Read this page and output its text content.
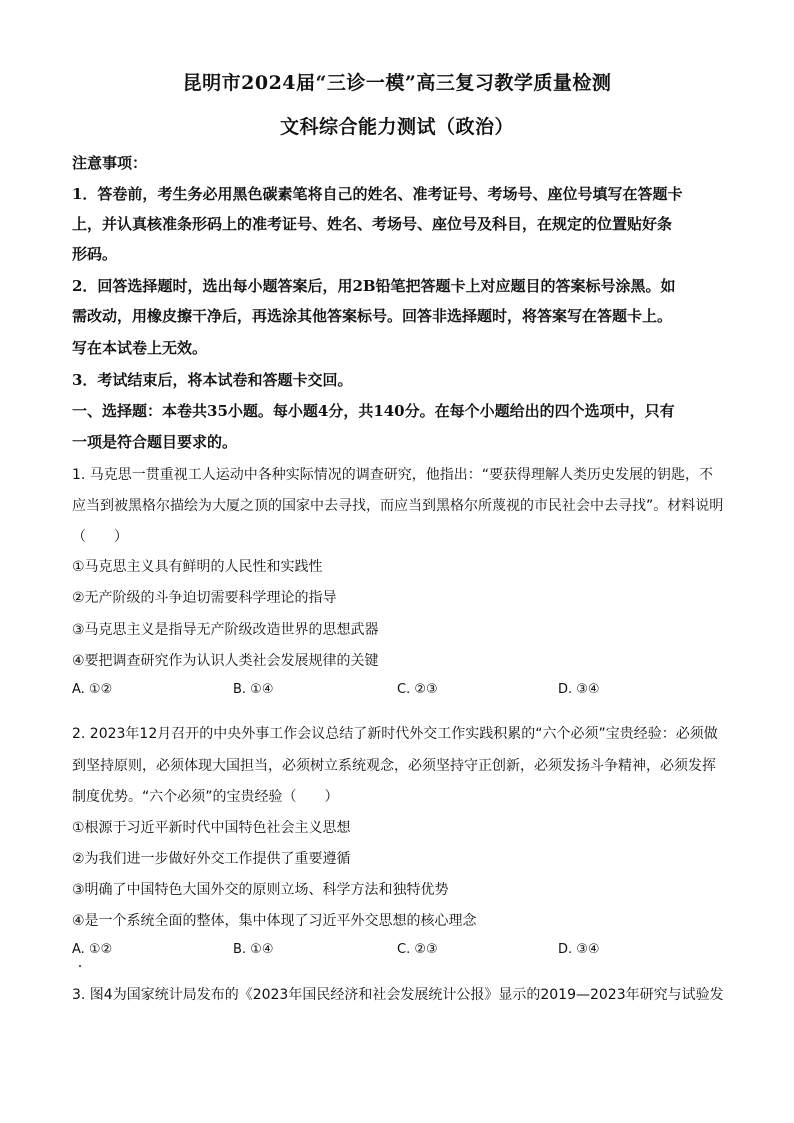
昆明市2024届“三诊一模”高三复习教学质量检测
文科综合能力测试（政治）
注意事项：
1．答卷前，考生务必用黑色碳素笔将自己的姓名、准考证号、考场号、座位号填写在答题卡
上，并认真核准条形码上的准考证号、姓名、考场号、座位号及科目，在规定的位置贴好条
形码。
2．回答选择题时，选出每小题答案后，用2B铅笔把答题卡上对应题目的答案标号涂黑。如
需改动，用橡皮擦干净后，再选涂其他答案标号。回答非选择题时，将答案写在答题卡上。
写在本试卷上无效。
3．考试结束后，将本试卷和答题卡交回。
一、选择题：本卷共35小题。每小题4分，共140分。在每个小题给出的四个选项中，只有
一项是符合题目要求的。
1. 马克思一贯重视工人运动中各种实际情况的调查研究，他指出：“要获得理解人类历史发展的钥匙，不
应当到被黑格尔描绘为大厦之顶的国家中去寻找，而应当到黑格尔所蔑视的市民社会中去寻找”。材料说明
（　　）
①马克思主义具有鲜明的人民性和实践性
②无产阶级的斗争迫切需要科学理论的指导
③马克思主义是指导无产阶级改造世界的思想武器
④要把调查研究作为认识人类社会发展规律的关键
A. ①②	B. ①④	C. ②③	D. ③④
2. 2023年12月召开的中央外事工作会议总结了新时代外交工作实践积累的“六个必须”宝贵经验：必须做
到坚持原则，必须体现大国担当，必须树立系统观念，必须坚持守正创新，必须发扬斗争精神，必须发挥
制度优势。“六个必须”的宝贵经验（　　）
①根源于习近平新时代中国特色社会主义思想
②为我们进一步做好外交工作提供了重要遵循
③明确了中国特色大国外交的原则立场、科学方法和独特优势
④是一个系统全面的整体，集中体现了习近平外交思想的核心理念
A. ①②	B. ①④	C. ②③	D. ③④
3. 图4为国家统计局发布的《2023年国民经济和社会发展统计公报》显示的2019—2023年研究与试验发
